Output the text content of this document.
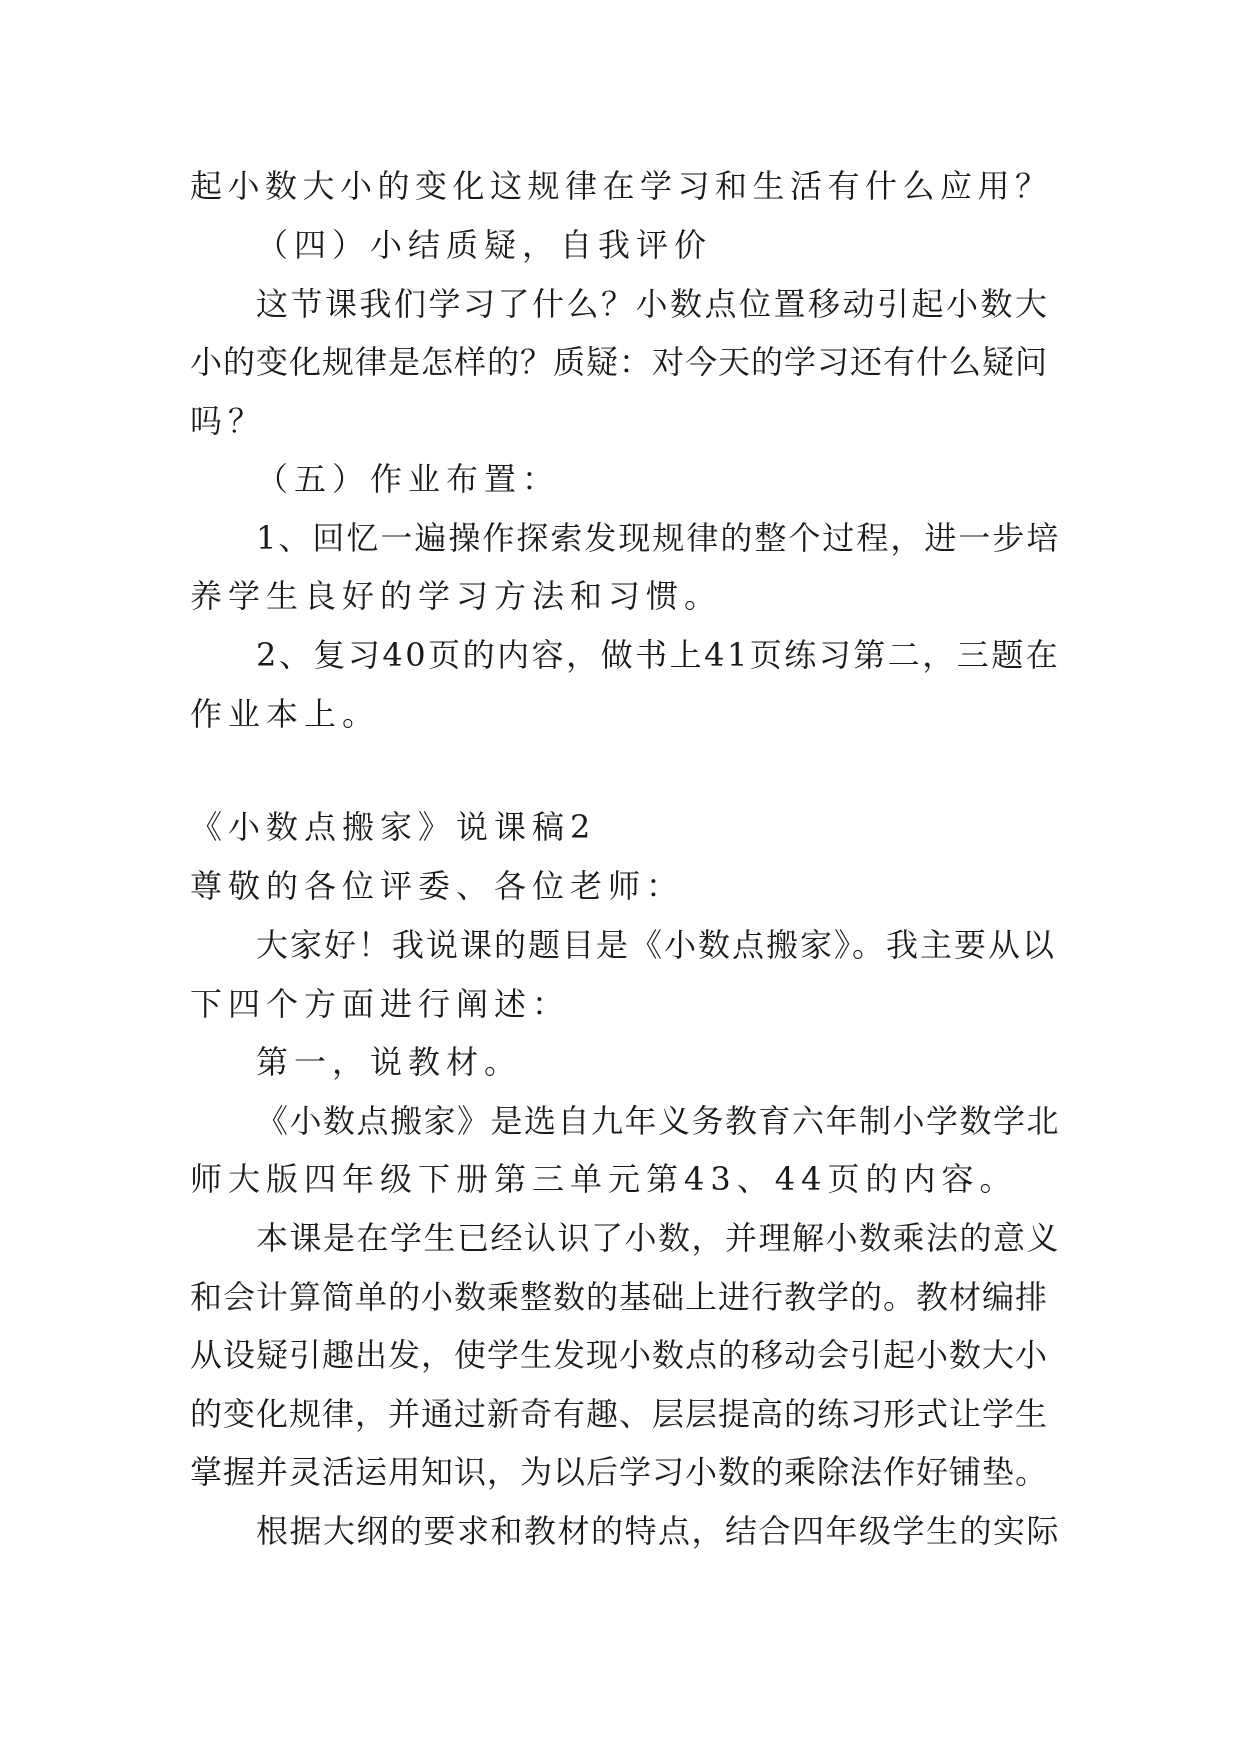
起小数大小的变化这规律在学习和生活有什么应用？
（四）小结质疑，自我评价
这节课我们学习了什么？小数点位置移动引起小数大
小的变化规律是怎样的？质疑：对今天的学习还有什么疑问
吗？
（五）作业布置：
1、回忆一遍操作探索发现规律的整个过程，进一步培
养学生良好的学习方法和习惯。
2、复习40页的内容，做书上41页练习第二，三题在
作业本上。
《小数点搬家》说课稿2
尊敬的各位评委、各位老师：
大家好！我说课的题目是《小数点搬家》。我主要从以
下四个方面进行阐述：
第一，说教材。
《小数点搬家》是选自九年义务教育六年制小学数学北
师大版四年级下册第三单元第43、44页的内容。
本课是在学生已经认识了小数，并理解小数乘法的意义
和会计算简单的小数乘整数的基础上进行教学的。教材编排
从设疑引趣出发，使学生发现小数点的移动会引起小数大小
的变化规律，并通过新奇有趣、层层提高的练习形式让学生
掌握并灵活运用知识，为以后学习小数的乘除法作好铺垫。
根据大纲的要求和教材的特点，结合四年级学生的实际
